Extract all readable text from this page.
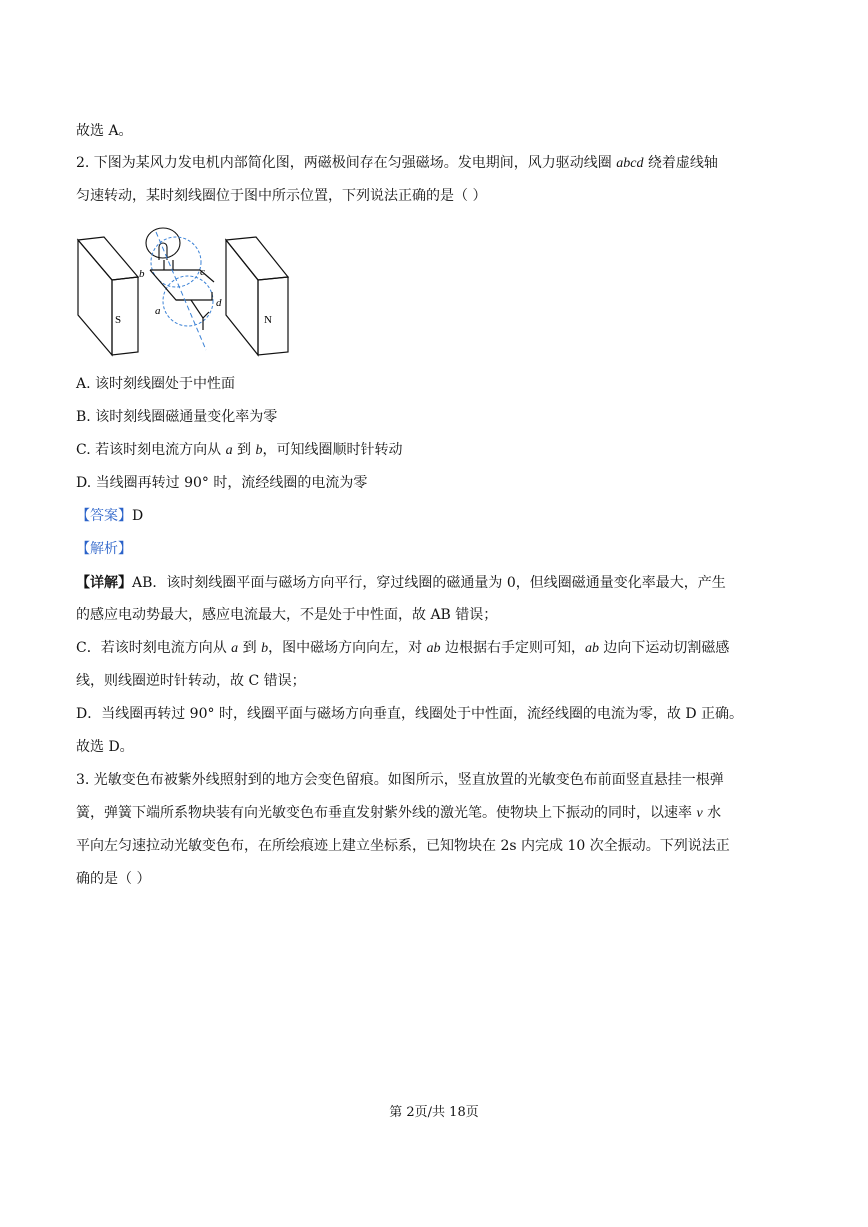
故选 A。
2. 下图为某风力发电机内部简化图，两磁极间存在匀强磁场。发电期间，风力驱动线圈 abcd 绕着虚线轴
匀速转动，某时刻线圈位于图中所示位置，下列说法正确的是（ ）
S	N
b	c
a
d
A. 该时刻线圈处于中性面
B. 该时刻线圈磁通量变化率为零
C. 若该时刻电流方向从 a 到 b，可知线圈顺时针转动
D. 当线圈再转过 90° 时，流经线圈的电流为零
【答案】D
【解析】
【详解】AB．该时刻线圈平面与磁场方向平行，穿过线圈的磁通量为 0，但线圈磁通量变化率最大，产生
的感应电动势最大，感应电流最大，不是处于中性面，故 AB 错误；
C．若该时刻电流方向从 a 到 b，图中磁场方向向左，对 ab 边根据右手定则可知，ab 边向下运动切割磁感
线，则线圈逆时针转动，故 C 错误；
D．当线圈再转过 90° 时，线圈平面与磁场方向垂直，线圈处于中性面，流经线圈的电流为零，故 D 正确。
故选 D。
3. 光敏变色布被紫外线照射到的地方会变色留痕。如图所示，竖直放置的光敏变色布前面竖直悬挂一根弹
簧，弹簧下端所系物块装有向光敏变色布垂直发射紫外线的激光笔。使物块上下振动的同时，以速率 v 水
平向左匀速拉动光敏变色布，在所绘痕迹上建立坐标系，已知物块在 2s 内完成 10 次全振动。下列说法正
确的是（ ）
第 2页/共 18页
